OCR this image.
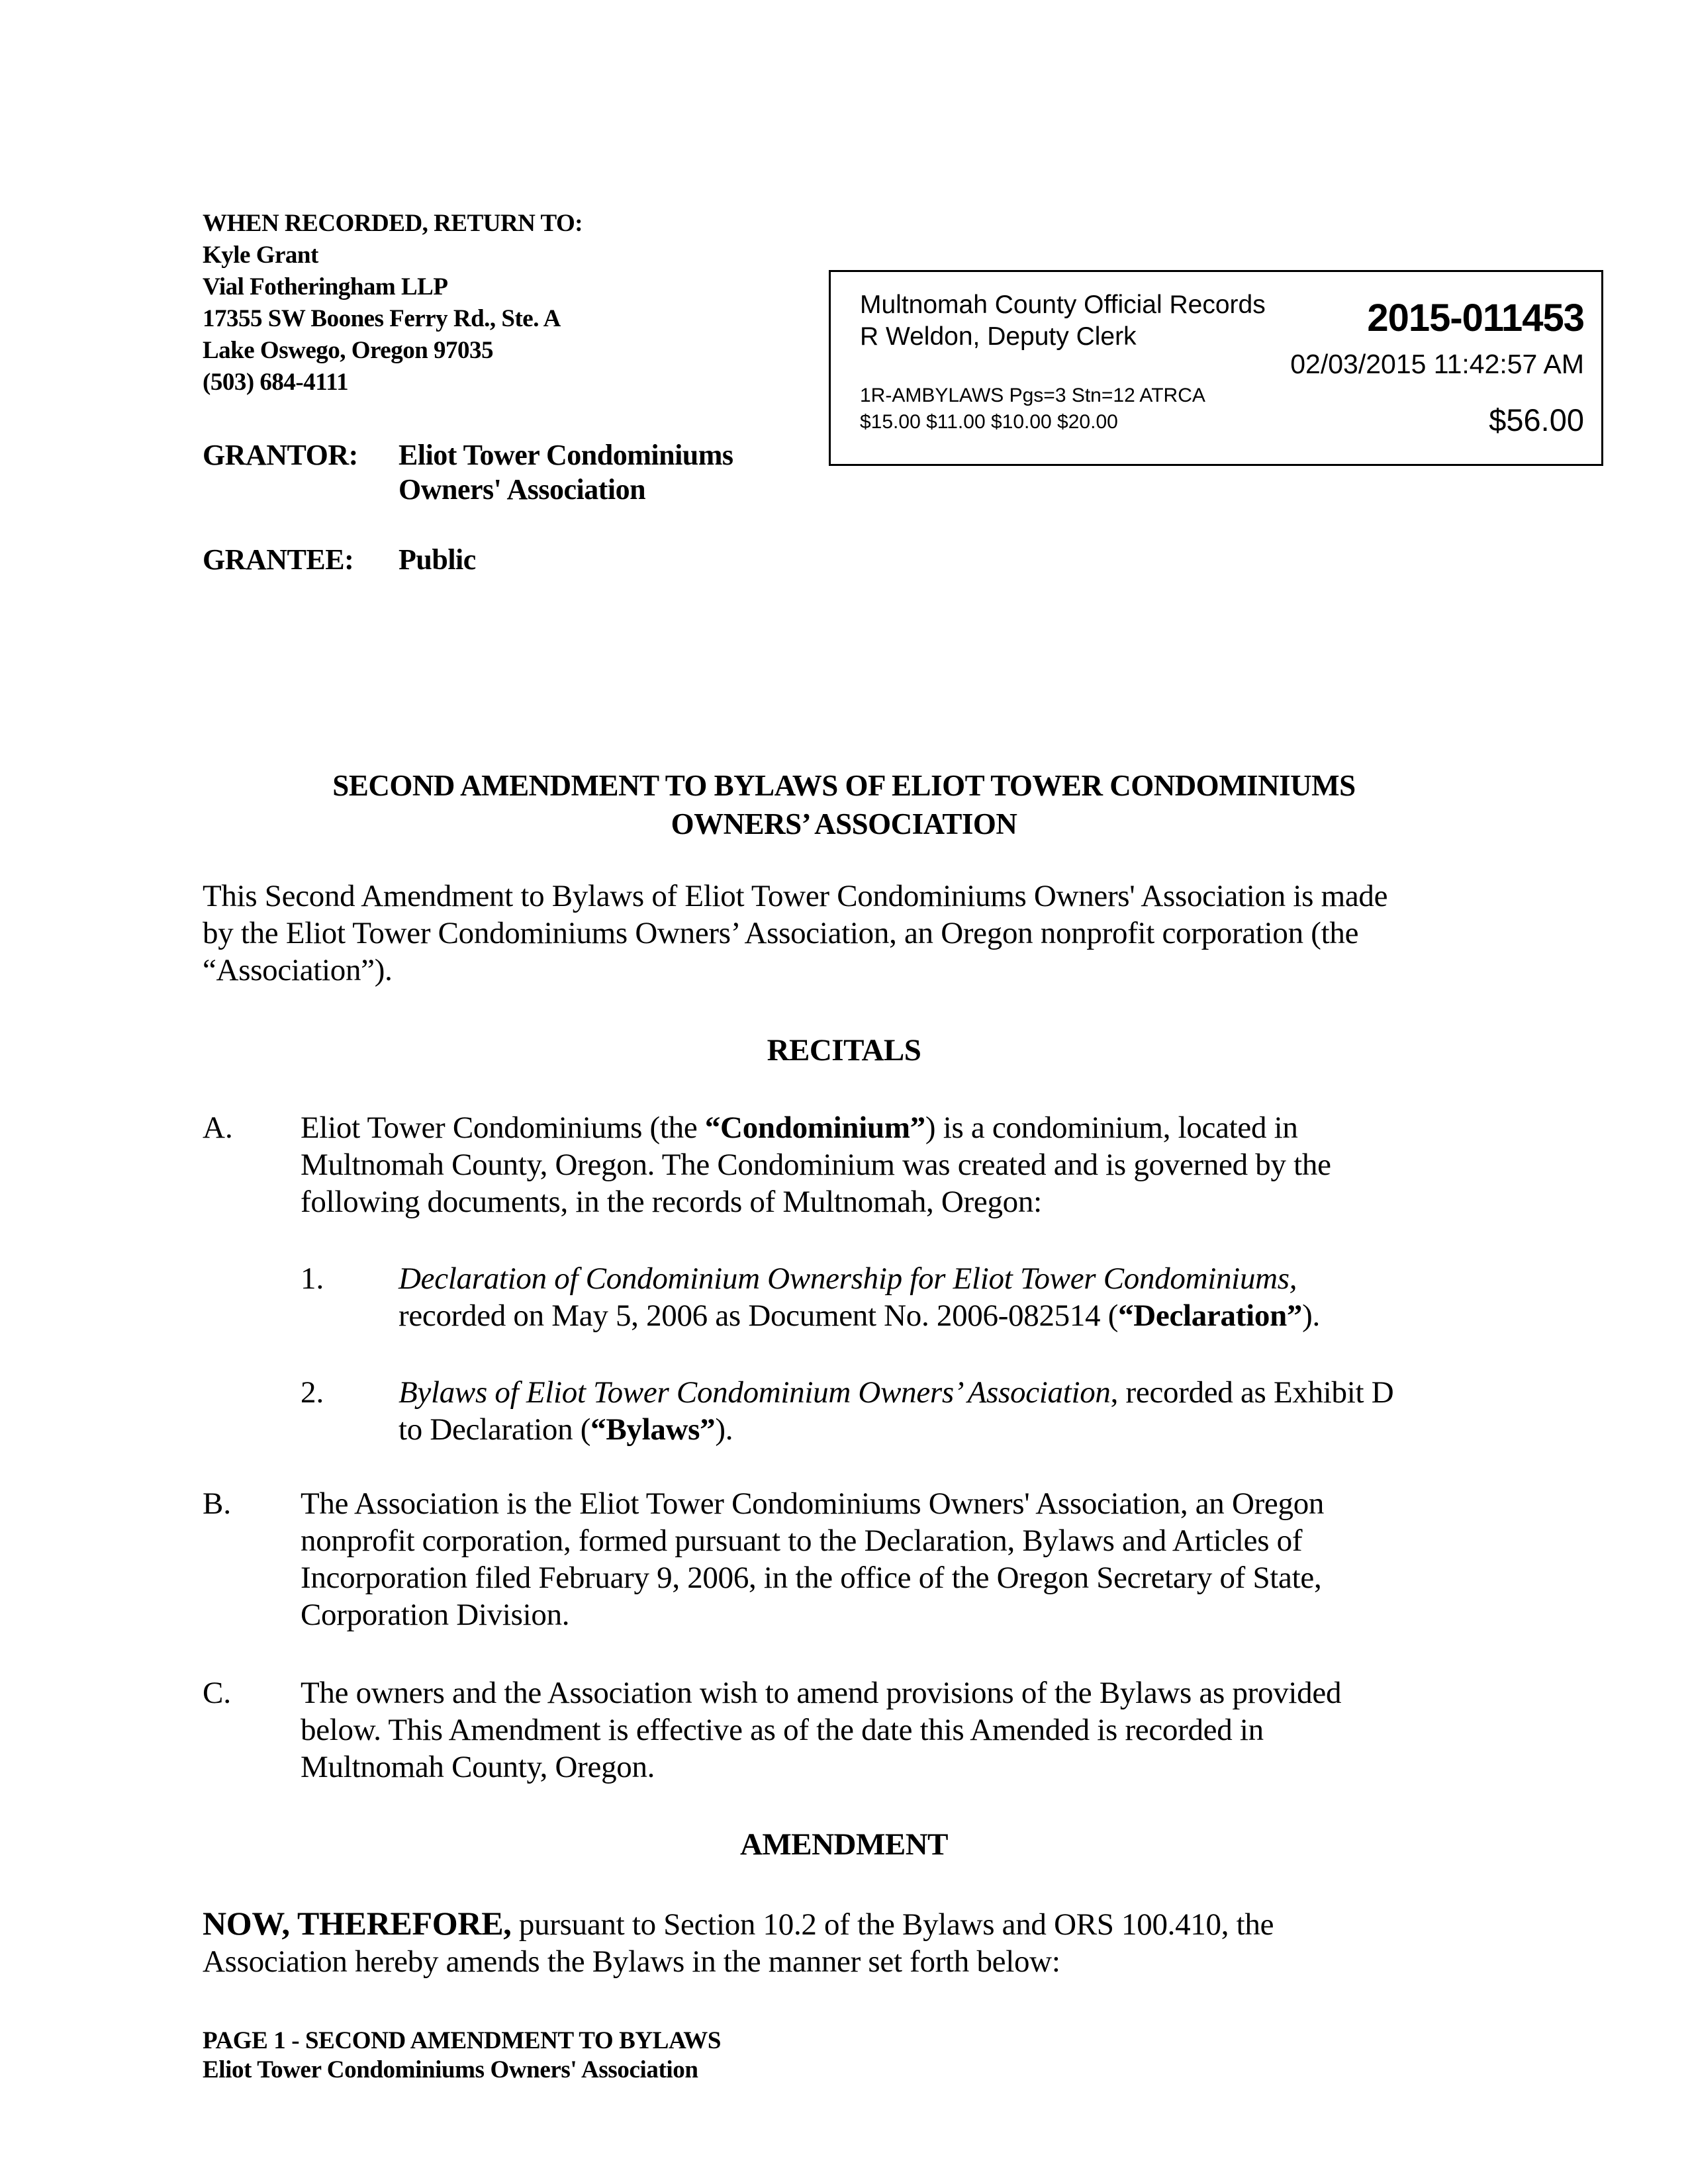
WHEN RECORDED, RETURN TO:
Kyle Grant
Vial Fotheringham LLP
17355 SW Boones Ferry Rd., Ste. A
Lake Oswego, Oregon 97035
(503) 684-4111
GRANTOR: Eliot Tower Condominiums
Owners' Association
GRANTEE: Public
Multnomah County Official Records
R Weldon, Deputy Clerk	2015-011453
02/03/2015 11:42:57 AM
1R-AMBYLAWS Pgs=3 Stn=12 ATRCA
$15.00 $11.00 $10.00 $20.00	$56.00
SECOND AMENDMENT TO BYLAWS OF ELIOT TOWER CONDOMINIUMS
OWNERS’ ASSOCIATION
This Second Amendment to Bylaws of Eliot Tower Condominiums Owners' Association is made
by the Eliot Tower Condominiums Owners’ Association, an Oregon nonprofit corporation (the
“Association”).
RECITALS
A. Eliot Tower Condominiums (the “Condominium”) is a condominium, located in
Multnomah County, Oregon. The Condominium was created and is governed by the
following documents, in the records of Multnomah, Oregon:
1. Declaration of Condominium Ownership for Eliot Tower Condominiums,
recorded on May 5, 2006 as Document No. 2006-082514 (“Declaration”).
2. Bylaws of Eliot Tower Condominium Owners’ Association, recorded as Exhibit D
to Declaration (“Bylaws”).
B. The Association is the Eliot Tower Condominiums Owners' Association, an Oregon
nonprofit corporation, formed pursuant to the Declaration, Bylaws and Articles of
Incorporation filed February 9, 2006, in the office of the Oregon Secretary of State,
Corporation Division.
C. The owners and the Association wish to amend provisions of the Bylaws as provided
below. This Amendment is effective as of the date this Amended is recorded in
Multnomah County, Oregon.
AMENDMENT
NOW, THEREFORE, pursuant to Section 10.2 of the Bylaws and ORS 100.410, the
Association hereby amends the Bylaws in the manner set forth below:
PAGE 1 - SECOND AMENDMENT TO BYLAWS
Eliot Tower Condominiums Owners' Association
